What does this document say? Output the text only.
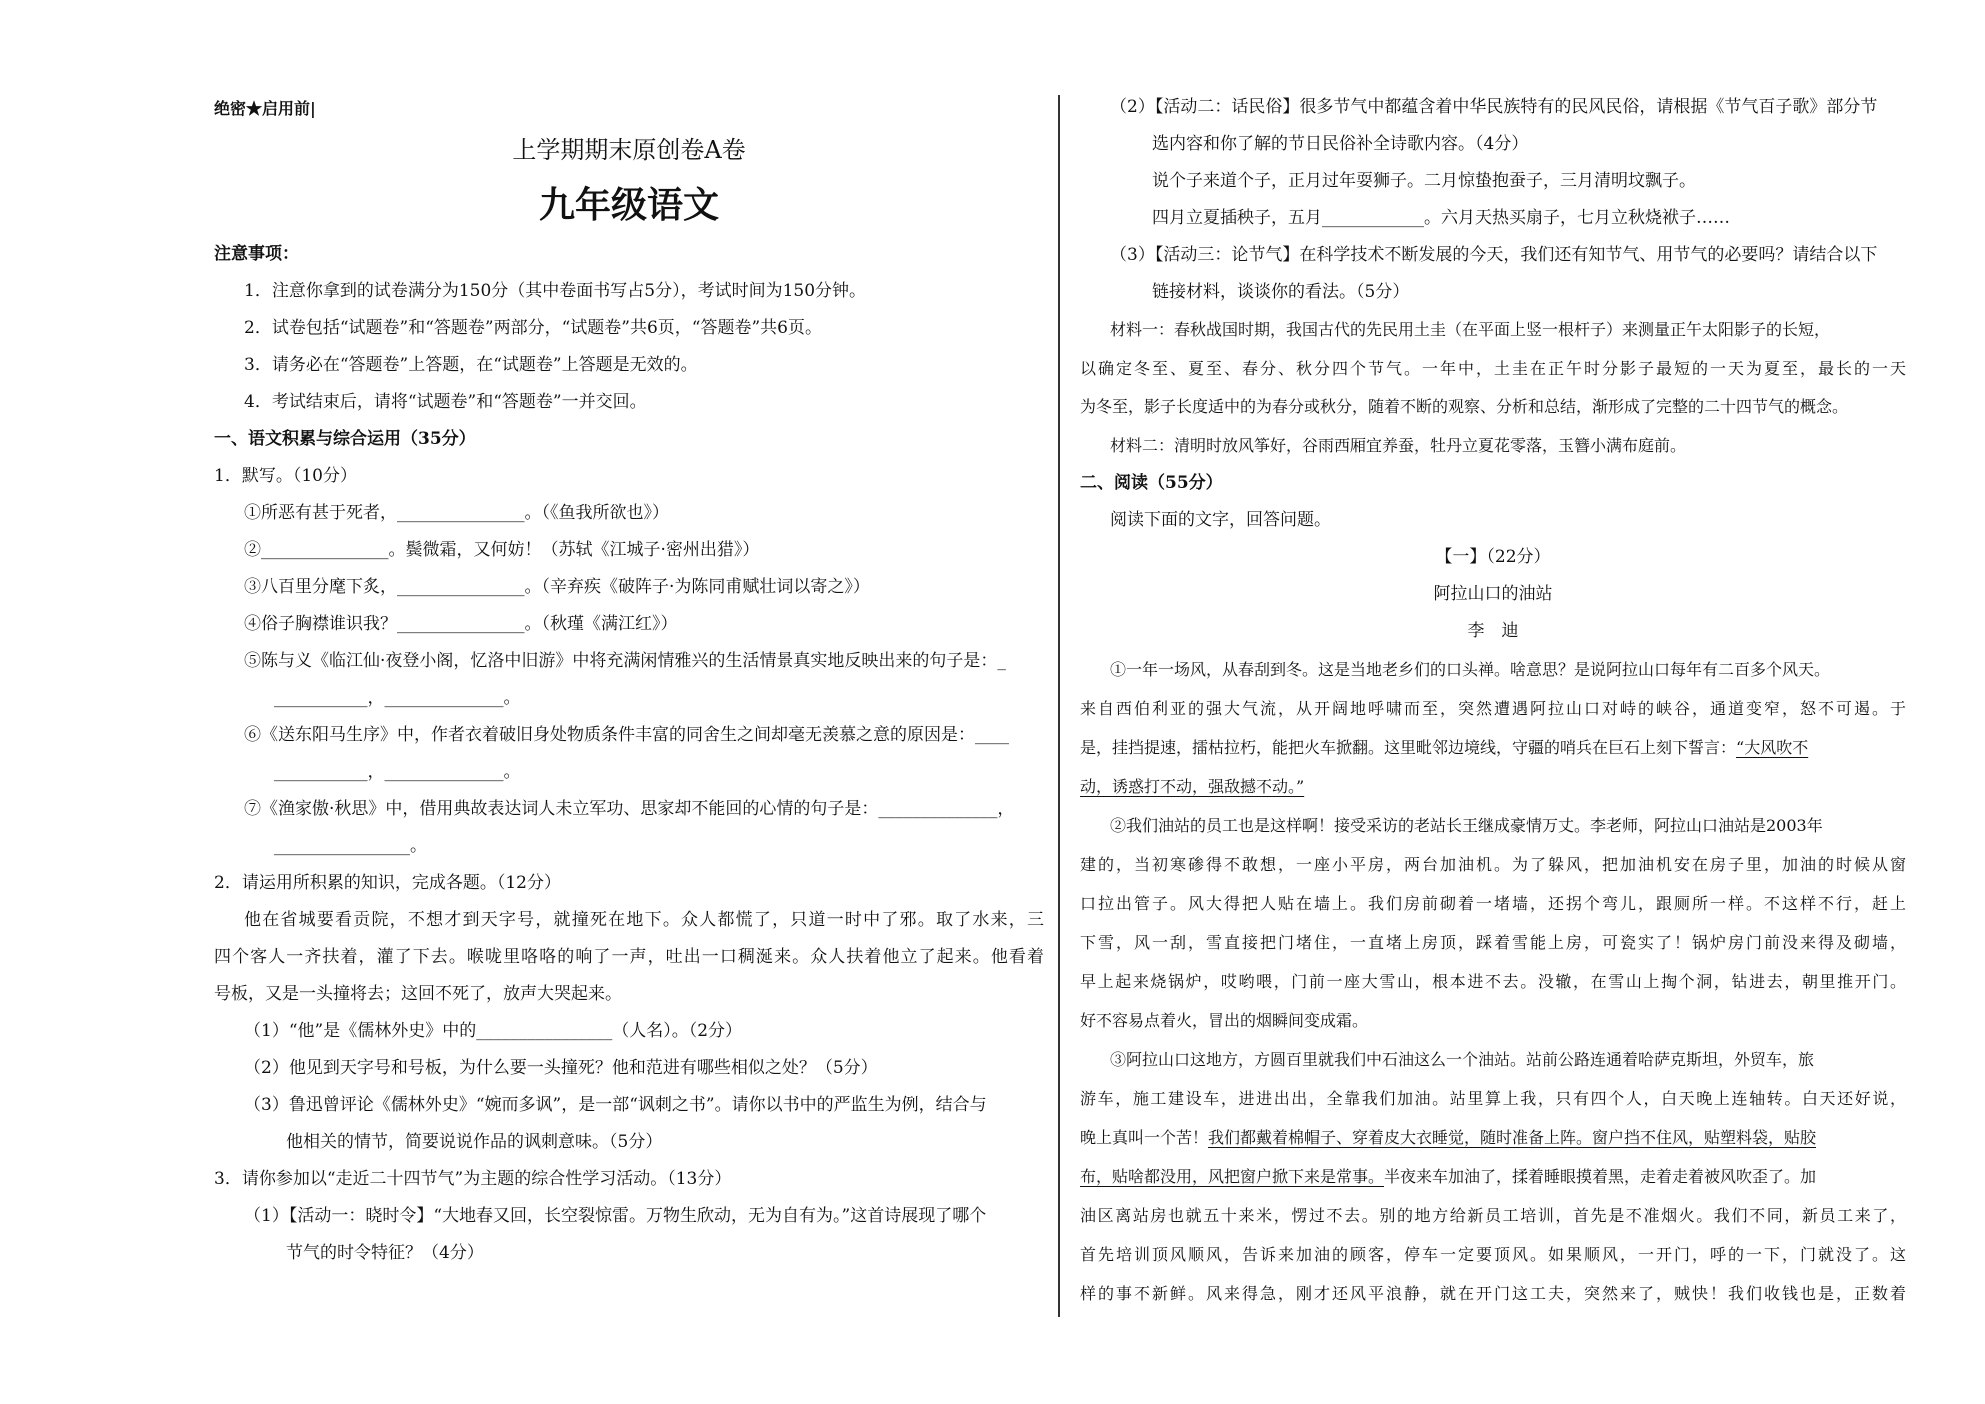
绝密★启用前|
上学期期末原创卷A卷
九年级语文
注意事项：
1．注意你拿到的试卷满分为150分（其中卷面书写占5分），考试时间为150分钟。
2．试卷包括“试题卷”和“答题卷”两部分，“试题卷”共6页，“答题卷”共6页。
3．请务必在“答题卷”上答题，在“试题卷”上答题是无效的。
4．考试结束后，请将“试题卷”和“答题卷”一并交回。
一、语文积累与综合运用（35分）
1．默写。（10分）
①所恶有甚于死者，_______________。（《鱼我所欲也》）
②_______________。鬓微霜，又何妨！（苏轼《江城子·密州出猎》）
③八百里分麾下炙，_______________。（辛弃疾《破阵子·为陈同甫赋壮词以寄之》）
④俗子胸襟谁识我？_______________。（秋瑾《满江红》）
⑤陈与义《临江仙·夜登小阁，忆洛中旧游》中将充满闲情雅兴的生活情景真实地反映出来的句子是：_
___________，______________。
⑥《送东阳马生序》中，作者衣着破旧身处物质条件丰富的同舍生之间却毫无羡慕之意的原因是：____
___________，______________。
⑦《渔家傲·秋思》中，借用典故表达词人未立军功、思家却不能回的心情的句子是：______________，
________________。
2．请运用所积累的知识，完成各题。（12分）
他在省城要看贡院，不想才到天字号，就撞死在地下。众人都慌了，只道一时中了邪。取了水来，三
四个客人一齐扶着，灌了下去。喉咙里咯咯的响了一声，吐出一口稠涎来。众人扶着他立了起来。他看着
号板，又是一头撞将去；这回不死了，放声大哭起来。
（1）“他”是《儒林外史》中的________________（人名）。（2分）
（2）他见到天字号和号板，为什么要一头撞死？他和范进有哪些相似之处？（5分）
（3）鲁迅曾评论《儒林外史》“婉而多讽”，是一部“讽刺之书”。请你以书中的严监生为例，结合与
他相关的情节，简要说说作品的讽刺意味。（5分）
3．请你参加以“走近二十四节气”为主题的综合性学习活动。（13分）
（1）【活动一：晓时令】“大地春又回，长空裂惊雷。万物生欣动，无为自有为。”这首诗展现了哪个
节气的时令特征？（4分）
（2）【活动二：话民俗】很多节气中都蕴含着中华民族特有的民风民俗，请根据《节气百子歌》部分节
选内容和你了解的节日民俗补全诗歌内容。（4分）
说个子来道个子，正月过年耍狮子。二月惊蛰抱蚕子，三月清明坟飘子。
四月立夏插秧子，五月____________。六月天热买扇子，七月立秋烧袱子……
（3）【活动三：论节气】在科学技术不断发展的今天，我们还有知节气、用节气的必要吗？请结合以下
链接材料，谈谈你的看法。（5分）
材料一：春秋战国时期，我国古代的先民用土圭（在平面上竖一根杆子）来测量正午太阳影子的长短，
以确定冬至、夏至、春分、秋分四个节气。一年中，土圭在正午时分影子最短的一天为夏至，最长的一天
为冬至，影子长度适中的为春分或秋分，随着不断的观察、分析和总结，渐形成了完整的二十四节气的概念。
材料二：清明时放风筝好，谷雨西厢宜养蚕，牡丹立夏花零落，玉簪小满布庭前。
二、阅读（55分）
阅读下面的文字，回答问题。
【一】（22分）
阿拉山口的油站
李　迪
①一年一场风，从春刮到冬。这是当地老乡们的口头禅。啥意思？是说阿拉山口每年有二百多个风天。
来自西伯利亚的强大气流，从开阔地呼啸而至，突然遭遇阿拉山口对峙的峡谷，通道变窄，怒不可遏。于
是，挂挡提速，擂枯拉朽，能把火车掀翻。这里毗邻边境线，守疆的哨兵在巨石上刻下誓言：“大风吹不
动，诱惑打不动，强敌撼不动。”
②我们油站的员工也是这样啊！接受采访的老站长王继成豪情万丈。李老师，阿拉山口油站是2003年
建的，当初寒碜得不敢想，一座小平房，两台加油机。为了躲风，把加油机安在房子里，加油的时候从窗
口拉出管子。风大得把人贴在墙上。我们房前砌着一堵墙，还拐个弯儿，跟厕所一样。不这样不行，赶上
下雪，风一刮，雪直接把门堵住，一直堵上房顶，踩着雪能上房，可瓷实了！锅炉房门前没来得及砌墙，
早上起来烧锅炉，哎哟喂，门前一座大雪山，根本进不去。没辙，在雪山上掏个洞，钻进去，朝里推开门。
好不容易点着火，冒出的烟瞬间变成霜。
③阿拉山口这地方，方圆百里就我们中石油这么一个油站。站前公路连通着哈萨克斯坦，外贸车，旅
游车，施工建设车，进进出出，全靠我们加油。站里算上我，只有四个人，白天晚上连轴转。白天还好说，
晚上真叫一个苦！我们都戴着棉帽子、穿着皮大衣睡觉，随时准备上阵。窗户挡不住风，贴塑料袋，贴胶
布，贴啥都没用，风把窗户掀下来是常事。半夜来车加油了，揉着睡眼摸着黑，走着走着被风吹歪了。加
油区离站房也就五十来米，愣过不去。别的地方给新员工培训，首先是不准烟火。我们不同，新员工来了，
首先培训顶风顺风，告诉来加油的顾客，停车一定要顶风。如果顺风，一开门，呼的一下，门就没了。这
样的事不新鲜。风来得急，刚才还风平浪静，就在开门这工夫，突然来了，贼快！我们收钱也是，正数着
